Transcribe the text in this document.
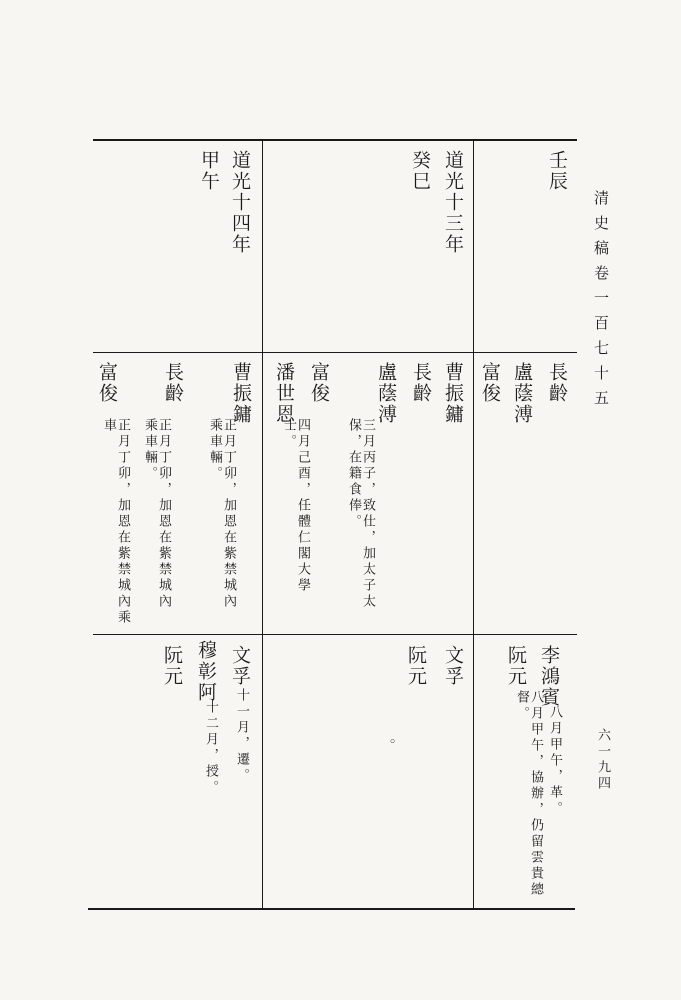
清史稿卷一百七十五
六一九四
壬辰
道光十三年
癸巳
道光十四年
甲午
長齡
盧蔭溥
富俊
曹振鏞
長齡
盧蔭溥
三月丙子，致仕，加太子太保，在籍食俸。
富俊
潘世恩
四月己酉，任體仁閣大學士。
曹振鏞
正月丁卯，加恩在紫禁城內乘車輛。
長齡
正月丁卯，加恩在紫禁城內乘車輛。
富俊
正月丁卯，加恩在紫禁城內乘車
李鴻賓
八月甲午，革。
阮元
八月甲午，協辦，仍留雲貴總督。
文孚
阮元
◦
文孚
十一月，遷。
穆彰阿
十二月，授。
阮元
